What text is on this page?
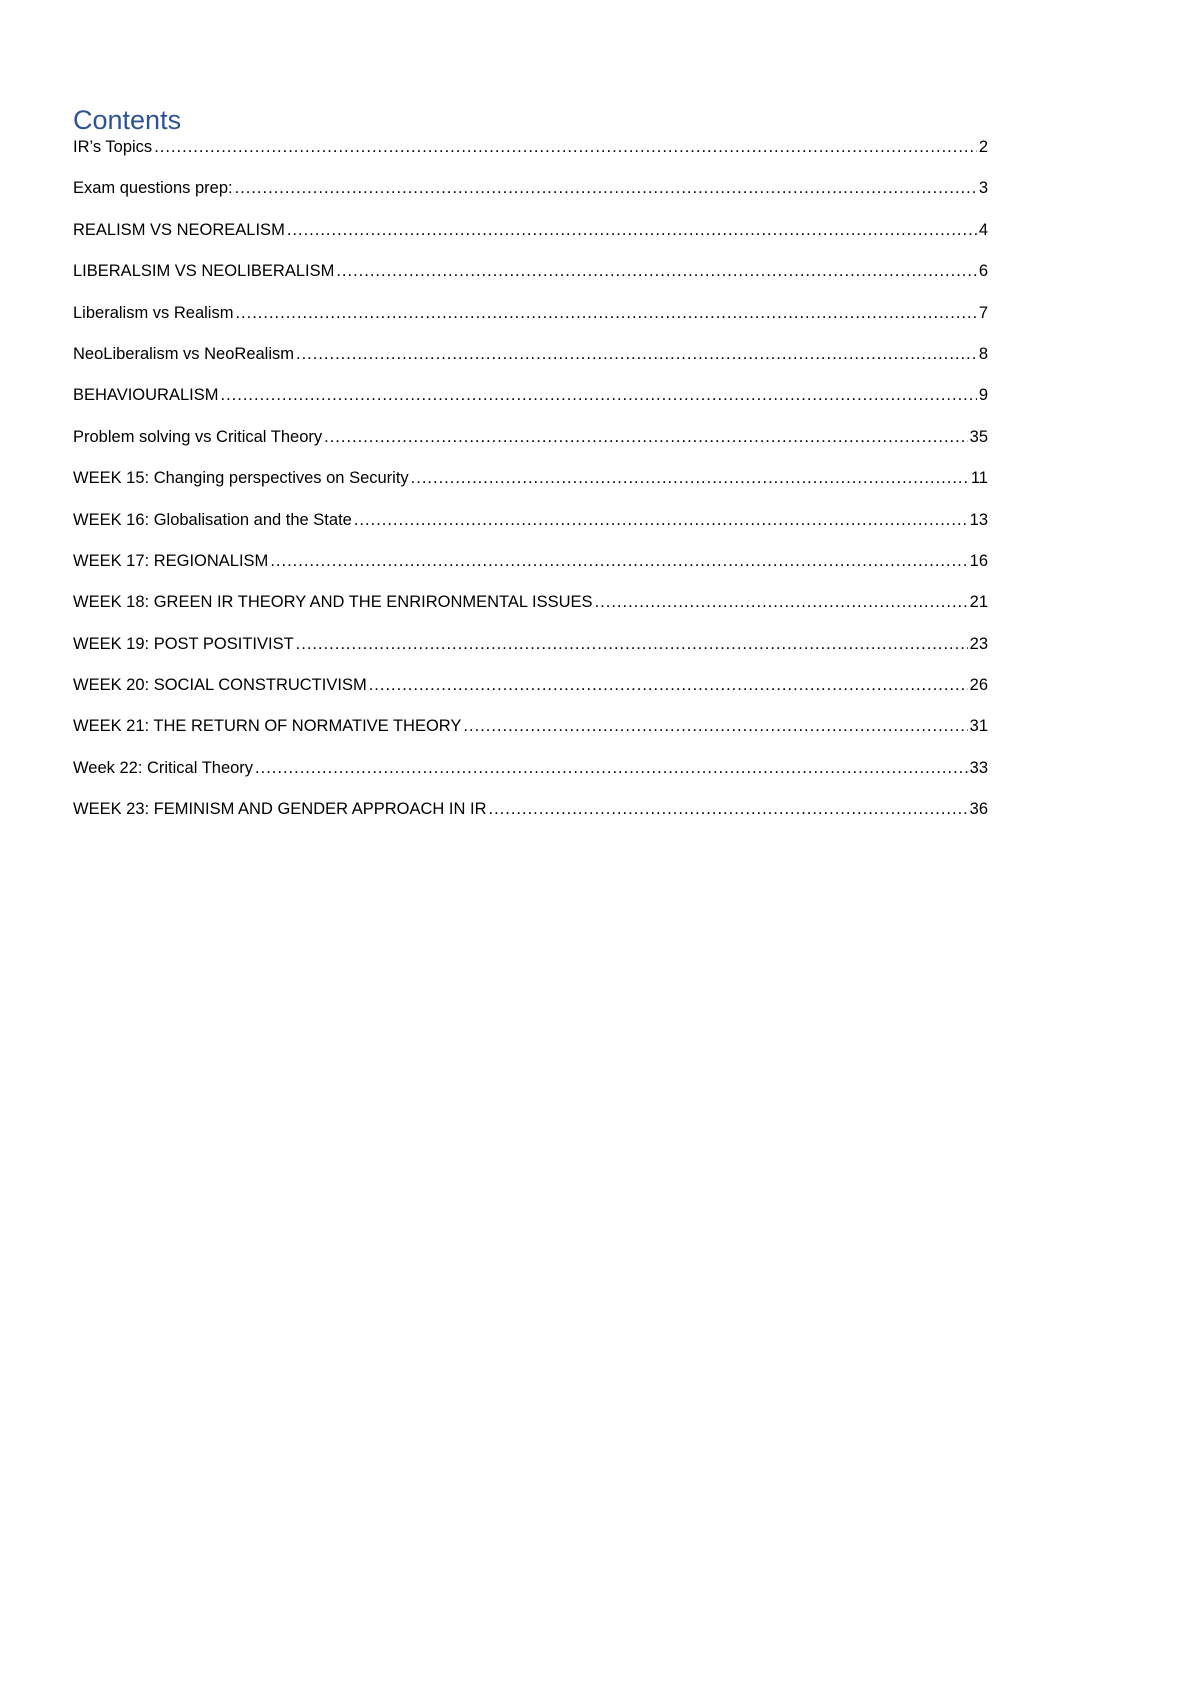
Contents
IR’s Topics .....	2
Exam questions prep: .....	3
REALISM VS NEOREALISM .....	4
LIBERALSIM VS NEOLIBERALISM .....	6
Liberalism vs Realism .....	7
NeoLiberalism vs NeoRealism .....	8
BEHAVIOURALISM .....	9
Problem solving vs Critical Theory .....	35
WEEK 15: Changing perspectives on Security .....	11
WEEK 16: Globalisation and the State .....	13
WEEK 17: REGIONALISM .....	16
WEEK 18: GREEN IR THEORY AND THE ENRIRONMENTAL ISSUES .....	21
WEEK 19: POST POSITIVIST .....	23
WEEK 20: SOCIAL CONSTRUCTIVISM .....	26
WEEK 21: THE RETURN OF NORMATIVE THEORY .....	31
Week 22: Critical Theory .....	33
WEEK 23: FEMINISM AND GENDER APPROACH IN IR .....	36
